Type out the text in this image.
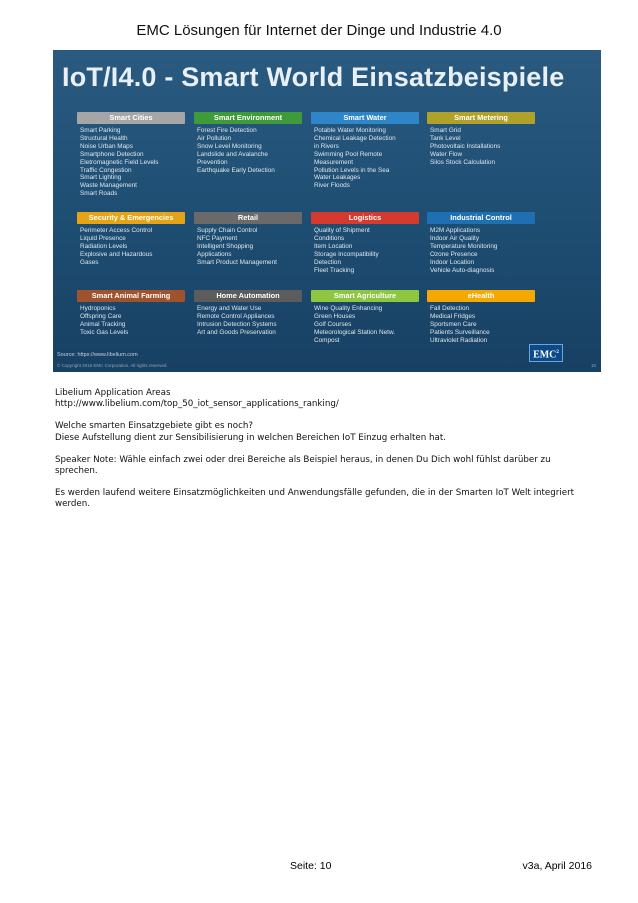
EMC Lösungen für Internet der Dinge und Industrie 4.0
IoT/I4.0 - Smart World Einsatzbeispiele
Smart Cities
Smart Parking
Structural Health
Noise Urban Maps
Smartphone Detection
Eletromagnetic Field Levels
Traffic Congestion
Smart Lighting
Waste Management
Smart Roads
Smart Environment
Forest Fire Detection
Air Pollution
Snow Level Monitoring
Landslide and Avalanche
Prevention
Earthquake Early Detection
Smart Water
Potable Water Monitoring
Chemical Leakage Detection
in Rivers
Swimming Pool Remote
Measurement
Pollution Levels in the Sea
Water Leakages
River Floods
Smart Metering
Smart Grid
Tank Level
Photovoltaic Installations
Water Flow
Silos Stock Calculation
Security & Emergencies
Perimeter Access Control
Liquid Presence
Radiation Levels
Explosive and Hazardous
Gases
Retail
Supply Chain Control
NFC Payment
Intelligent Shopping
Applications
Smart Product Management
Logistics
Quality of Shipment
Conditions
Item Location
Storage Incompatibility
Detection
Fleet Tracking
Industrial Control
M2M Applications
Indoor Air Quality
Temperature Monitoring
Ozone Presence
Indoor Location
Vehicle Auto-diagnosis
Smart Animal Farming
Hydroponics
Offspring Care
Animal Tracking
Toxic Gas Levels
Home Automation
Energy and Water Use
Remote Control Appliances
Intrusion Detection Systems
Art and Goods Preservation
Smart Agriculture
Wine Quality Enhancing
Green Houses
Golf Courses
Meteorological Station Netw.
Compost
eHealth
Fall Detection
Medical Fridges
Sportsmen Care
Patients Surveillance
Ultraviolet Radiation
Source: https://www.libelium.com
© Copyright 2016 EMC Corporation. All rights reserved.	10
EMC$^2$

Libelium Application Areas
http://www.libelium.com/top_50_iot_sensor_applications_ranking/

Welche smarten Einsatzgebiete gibt es noch?
Diese Aufstellung dient zur Sensibilisierung in welchen Bereichen IoT Einzug erhalten hat.

Speaker Note: Wähle einfach zwei oder drei Bereiche als Beispiel heraus, in denen Du Dich wohl fühlst darüber zu sprechen.

Es werden laufend weitere Einsatzmöglichkeiten und Anwendungsfälle gefunden, die in der Smarten IoT Welt integriert werden.

Seite: 10	v3a, April 2016
